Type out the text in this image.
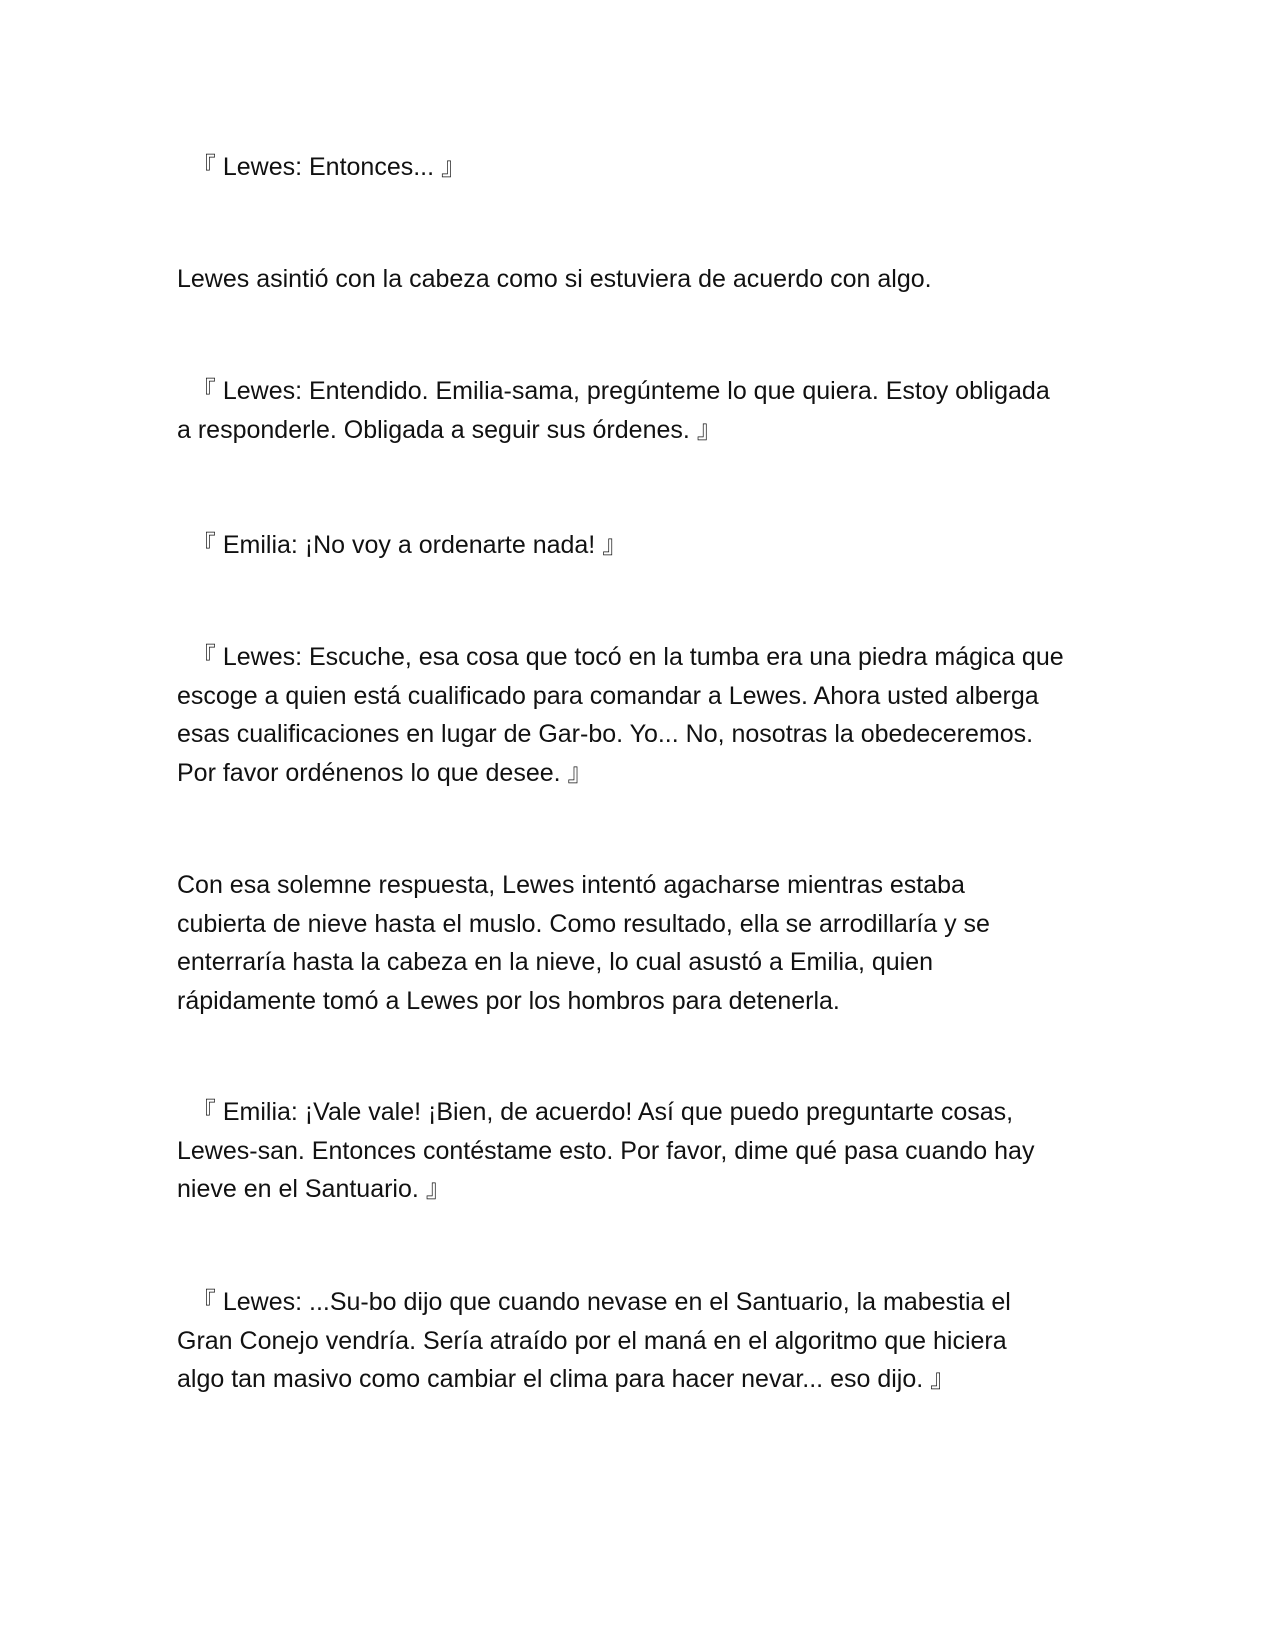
『 Lewes: Entonces... 』

Lewes asintió con la cabeza como si estuviera de acuerdo con algo.

『 Lewes: Entendido. Emilia-sama, pregúnteme lo que quiera. Estoy obligada
a responderle. Obligada a seguir sus órdenes. 』

『 Emilia: ¡No voy a ordenarte nada! 』

『 Lewes: Escuche, esa cosa que tocó en la tumba era una piedra mágica que
escoge a quien está cualificado para comandar a Lewes. Ahora usted alberga
esas cualificaciones en lugar de Gar-bo. Yo... No, nosotras la obedeceremos.
Por favor ordénenos lo que desee. 』

Con esa solemne respuesta, Lewes intentó agacharse mientras estaba
cubierta de nieve hasta el muslo. Como resultado, ella se arrodillaría y se
enterraría hasta la cabeza en la nieve, lo cual asustó a Emilia, quien
rápidamente tomó a Lewes por los hombros para detenerla.

『 Emilia: ¡Vale vale! ¡Bien, de acuerdo! Así que puedo preguntarte cosas,
Lewes-san. Entonces contéstame esto. Por favor, dime qué pasa cuando hay
nieve en el Santuario. 』

『 Lewes: ...Su-bo dijo que cuando nevase en el Santuario, la mabestia el
Gran Conejo vendría. Sería atraído por el maná en el algoritmo que hiciera
algo tan masivo como cambiar el clima para hacer nevar... eso dijo. 』
